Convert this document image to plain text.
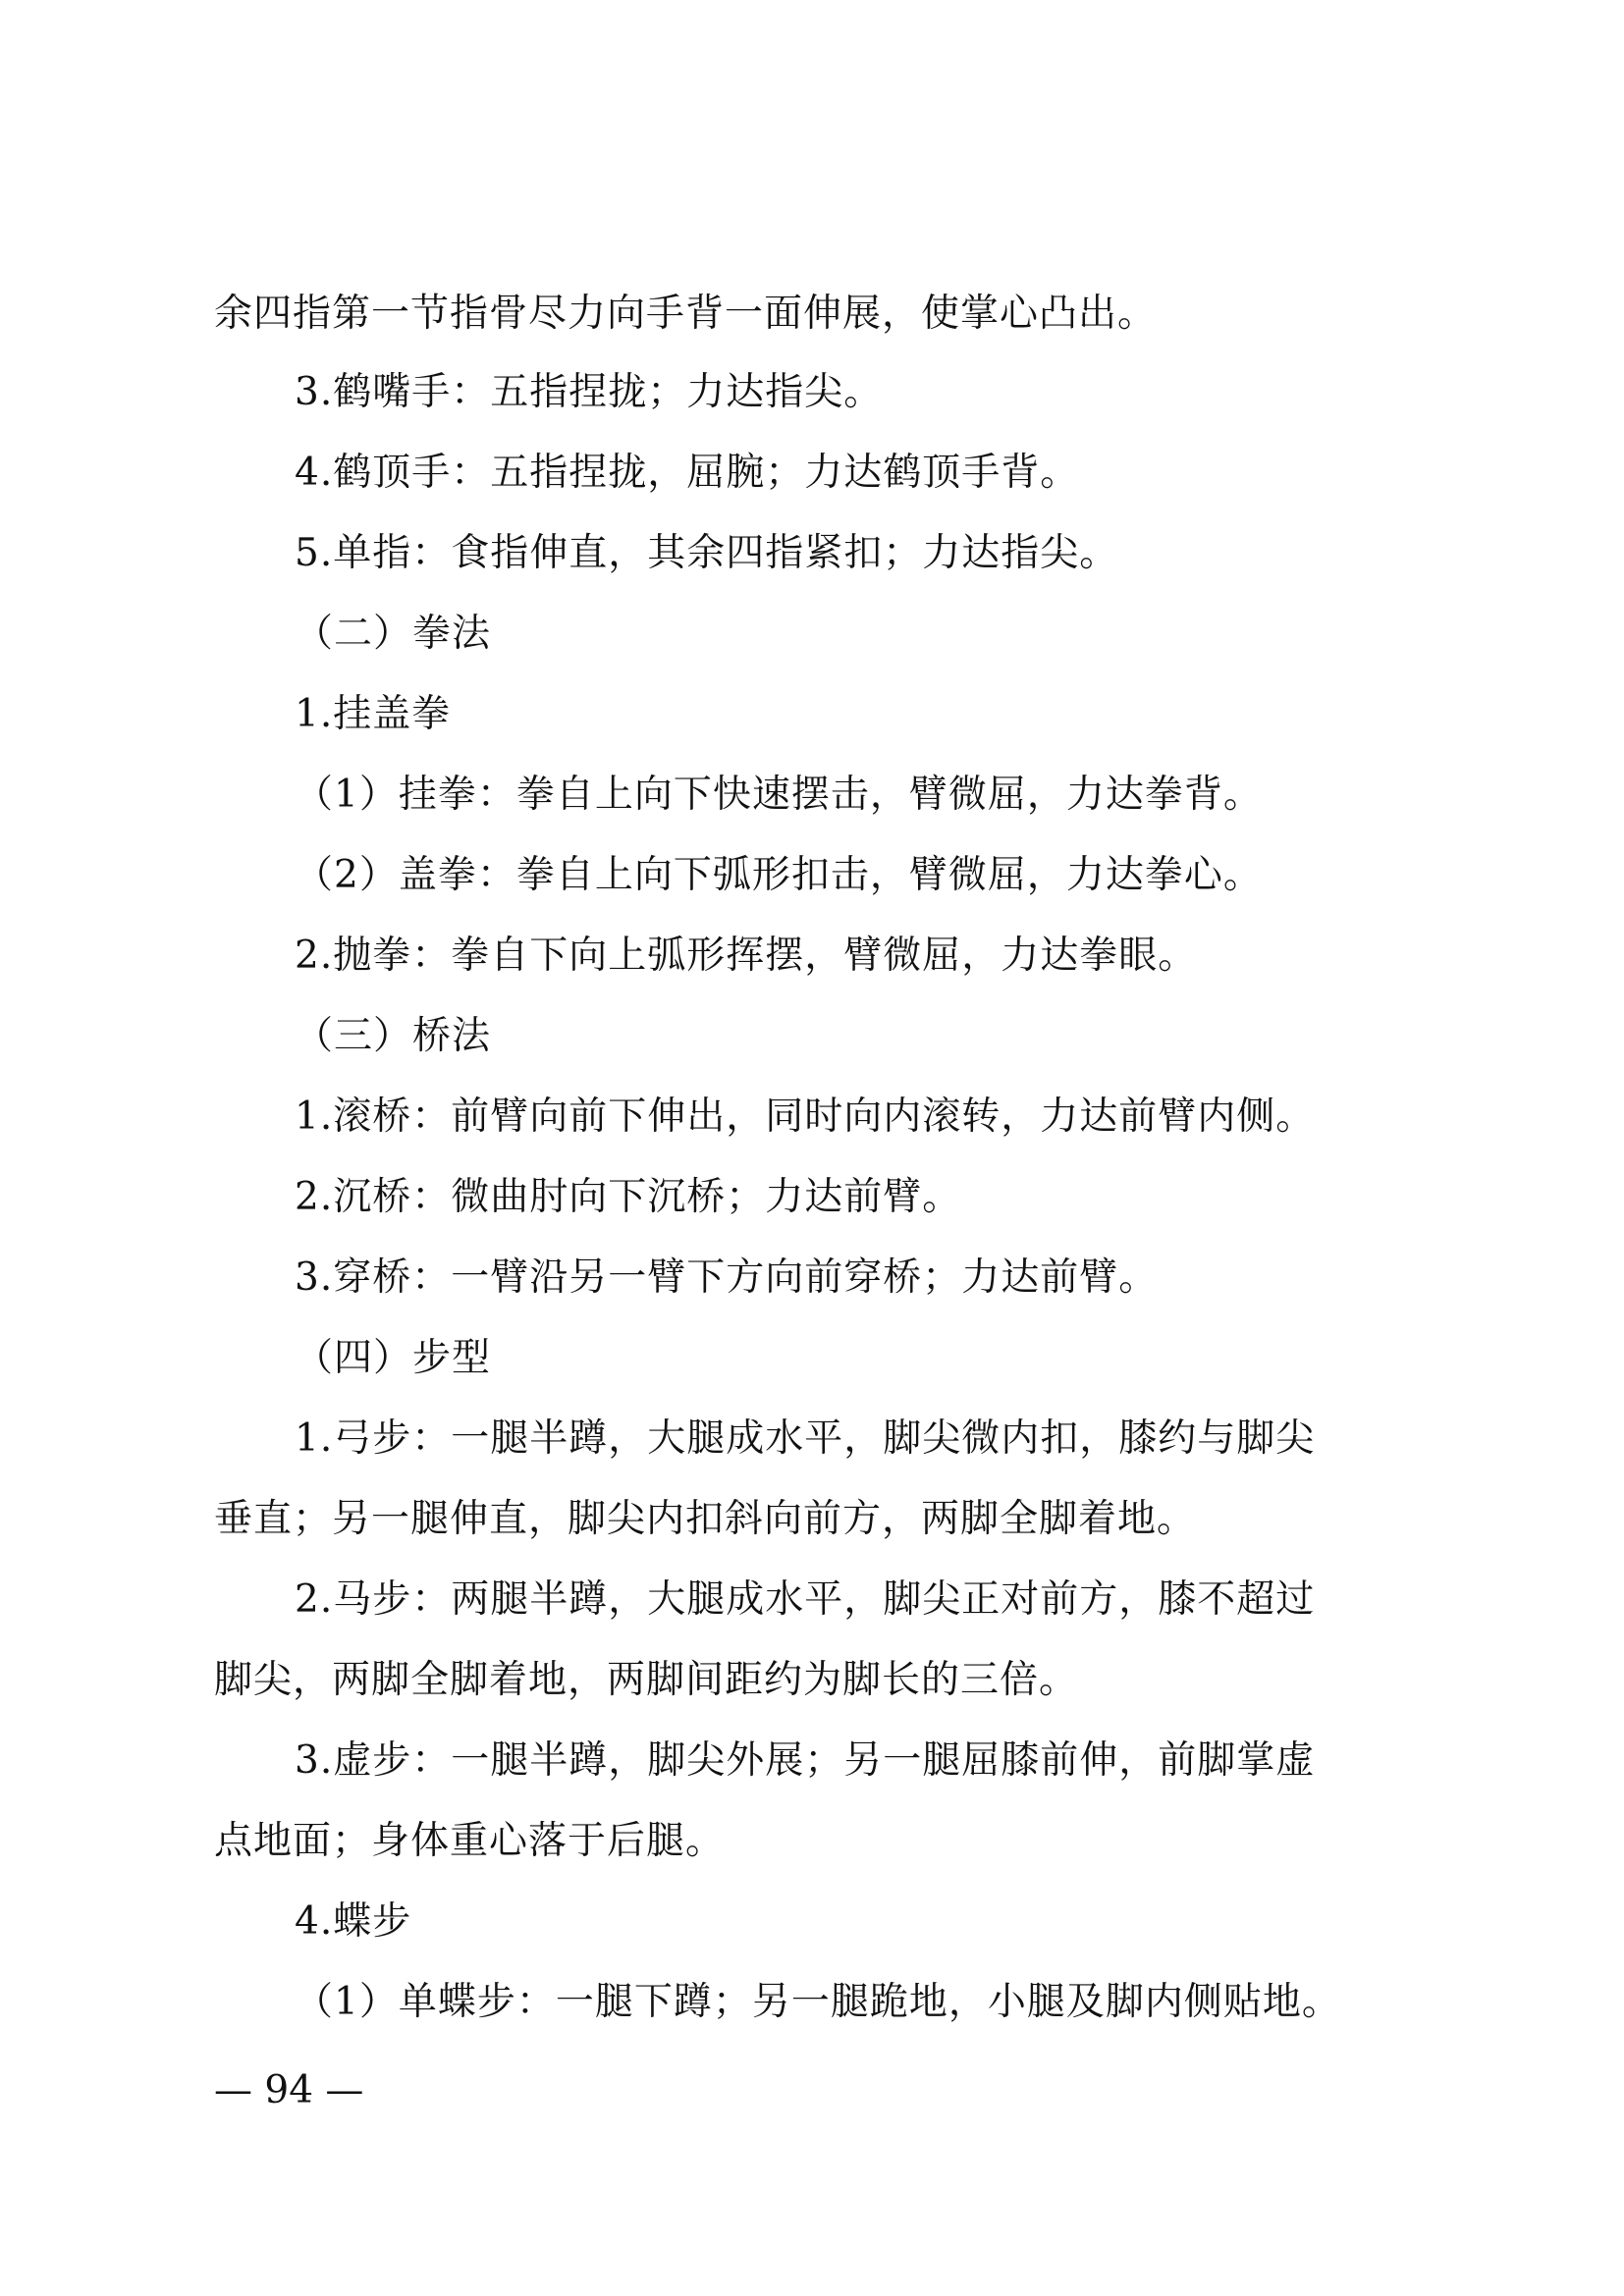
余四指第一节指骨尽力向手背一面伸展，使掌心凸出。
3.鹤嘴手：五指捏拢；力达指尖。
4.鹤顶手：五指捏拢，屈腕；力达鹤顶手背。
5.单指：食指伸直，其余四指紧扣；力达指尖。
（二）拳法
1.挂盖拳
（1）挂拳：拳自上向下快速摆击，臂微屈，力达拳背。
（2）盖拳：拳自上向下弧形扣击，臂微屈，力达拳心。
2.抛拳：拳自下向上弧形挥摆，臂微屈，力达拳眼。
（三）桥法
1.滚桥：前臂向前下伸出，同时向内滚转，力达前臂内侧。
2.沉桥：微曲肘向下沉桥；力达前臂。
3.穿桥：一臂沿另一臂下方向前穿桥；力达前臂。
（四）步型
1.弓步：一腿半蹲，大腿成水平，脚尖微内扣，膝约与脚尖
垂直；另一腿伸直，脚尖内扣斜向前方，两脚全脚着地。
2.马步：两腿半蹲，大腿成水平，脚尖正对前方，膝不超过
脚尖，两脚全脚着地，两脚间距约为脚长的三倍。
3.虚步：一腿半蹲，脚尖外展；另一腿屈膝前伸，前脚掌虚
点地面；身体重心落于后腿。
4.蝶步
（1）单蝶步：一腿下蹲；另一腿跪地，小腿及脚内侧贴地。
— 94 —
